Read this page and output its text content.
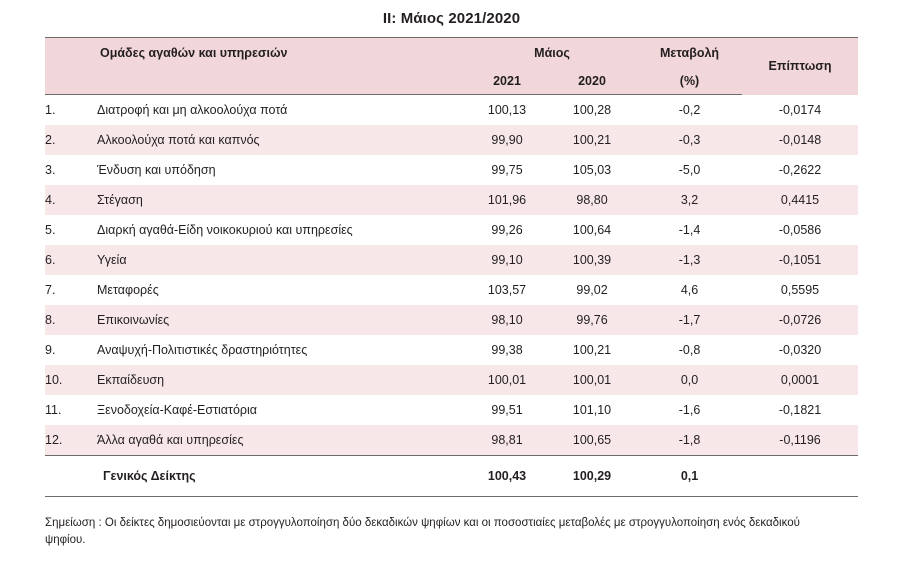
II: Μάιος 2021/2020
Ομάδες αγαθών και υπηρεσιών		Μάιος		Μεταβολή	Επίπτωση
		2021	2020	(%)	
1.	Διατροφή και μη αλκοολούχα ποτά	100,13	100,28	-0,2	-0,0174
2.	Αλκοολούχα ποτά και καπνός	99,90	100,21	-0,3	-0,0148
3.	Ένδυση και υπόδηση	99,75	105,03	-5,0	-0,2622
4.	Στέγαση	101,96	98,80	3,2	0,4415
5.	Διαρκή αγαθά-Είδη νοικοκυριού και υπηρεσίες	99,26	100,64	-1,4	-0,0586
6.	Υγεία	99,10	100,39	-1,3	-0,1051
7.	Μεταφορές	103,57	99,02	4,6	0,5595
8.	Επικοινωνίες	98,10	99,76	-1,7	-0,0726
9.	Αναψυχή-Πολιτιστικές δραστηριότητες	99,38	100,21	-0,8	-0,0320
10.	Εκπαίδευση	100,01	100,01	0,0	0,0001
11.	Ξενοδοχεία-Καφέ-Εστιατόρια	99,51	101,10	-1,6	-0,1821
12.	Άλλα αγαθά και υπηρεσίες	98,81	100,65	-1,8	-0,1196
	Γενικός Δείκτης	100,43	100,29	0,1	
Σημείωση : Οι δείκτες δημοσιεύονται με στρογγυλοποίηση δύο δεκαδικών ψηφίων και οι ποσοστιαίες μεταβολές με στρογγυλοποίηση ενός δεκαδικού ψηφίου.
